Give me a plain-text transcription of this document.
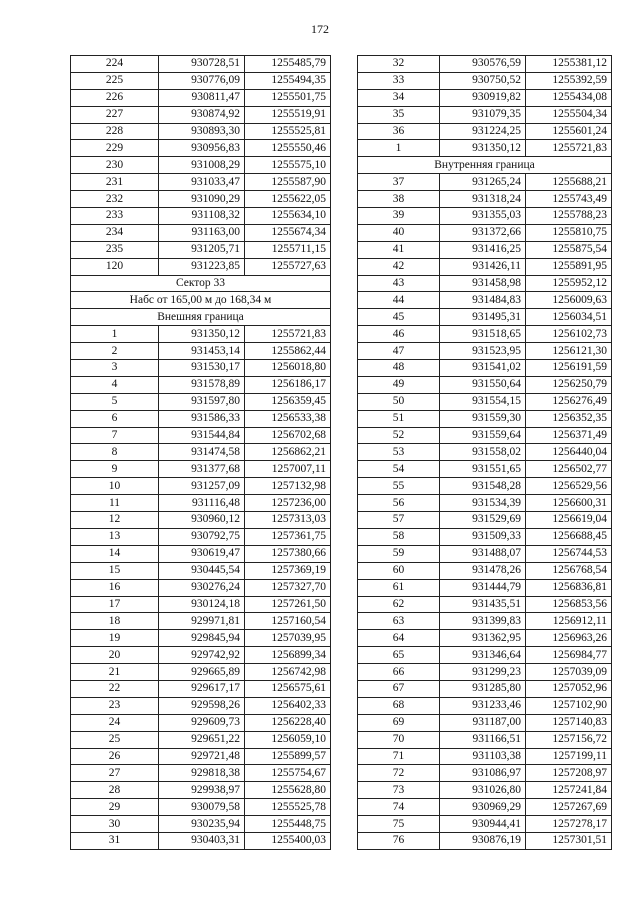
172
224	930728,51	1255485,79
225	930776,09	1255494,35
226	930811,47	1255501,75
227	930874,92	1255519,91
228	930893,30	1255525,81
229	930956,83	1255550,46
230	931008,29	1255575,10
231	931033,47	1255587,90
232	931090,29	1255622,05
233	931108,32	1255634,10
234	931163,00	1255674,34
235	931205,71	1255711,15
120	931223,85	1255727,63
Сектор 33		
Набс от 165,00 м до 168,34 м		
Внешняя граница		
1	931350,12	1255721,83
2	931453,14	1255862,44
3	931530,17	1256018,80
4	931578,89	1256186,17
5	931597,80	1256359,45
6	931586,33	1256533,38
7	931544,84	1256702,68
8	931474,58	1256862,21
9	931377,68	1257007,11
10	931257,09	1257132,98
11	931116,48	1257236,00
12	930960,12	1257313,03
13	930792,75	1257361,75
14	930619,47	1257380,66
15	930445,54	1257369,19
16	930276,24	1257327,70
17	930124,18	1257261,50
18	929971,81	1257160,54
19	929845,94	1257039,95
20	929742,92	1256899,34
21	929665,89	1256742,98
22	929617,17	1256575,61
23	929598,26	1256402,33
24	929609,73	1256228,40
25	929651,22	1256059,10
26	929721,48	1255899,57
27	929818,38	1255754,67
28	929938,97	1255628,80
29	930079,58	1255525,78
30	930235,94	1255448,75
31	930403,31	1255400,03
32	930576,59	1255381,12
33	930750,52	1255392,59
34	930919,82	1255434,08
35	931079,35	1255504,34
36	931224,25	1255601,24
1	931350,12	1255721,83
Внутренняя граница		
37	931265,24	1255688,21
38	931318,24	1255743,49
39	931355,03	1255788,23
40	931372,66	1255810,75
41	931416,25	1255875,54
42	931426,11	1255891,95
43	931458,98	1255952,12
44	931484,83	1256009,63
45	931495,31	1256034,51
46	931518,65	1256102,73
47	931523,95	1256121,30
48	931541,02	1256191,59
49	931550,64	1256250,79
50	931554,15	1256276,49
51	931559,30	1256352,35
52	931559,64	1256371,49
53	931558,02	1256440,04
54	931551,65	1256502,77
55	931548,28	1256529,56
56	931534,39	1256600,31
57	931529,69	1256619,04
58	931509,33	1256688,45
59	931488,07	1256744,53
60	931478,26	1256768,54
61	931444,79	1256836,81
62	931435,51	1256853,56
63	931399,83	1256912,11
64	931362,95	1256963,26
65	931346,64	1256984,77
66	931299,23	1257039,09
67	931285,80	1257052,96
68	931233,46	1257102,90
69	931187,00	1257140,83
70	931166,51	1257156,72
71	931103,38	1257199,11
72	931086,97	1257208,97
73	931026,80	1257241,84
74	930969,29	1257267,69
75	930944,41	1257278,17
76	930876,19	1257301,51
